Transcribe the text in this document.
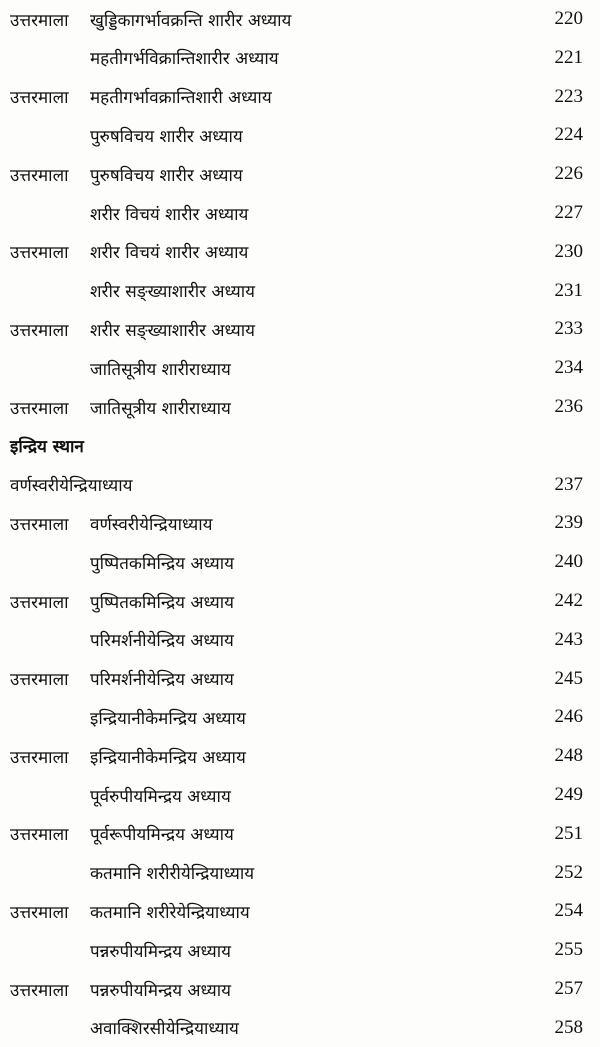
उत्तरमाला खुड्डिकागर्भावक्रन्ति शारीर अध्याय	220
महतीगर्भविक्रान्तिशारीर अध्याय	221
उत्तरमाला महतीगर्भावक्रान्तिशारी अध्याय	223
पुरुषविचय शारीर अध्याय	224
उत्तरमाला पुरुषविचय शारीर अध्याय	226
शरीर विचयं शारीर अध्याय	227
उत्तरमाला शरीर विचयं शारीर अध्याय	230
शरीर सङ्ख्याशारीर अध्याय	231
उत्तरमाला शरीर सङ्ख्याशारीर अध्याय	233
जातिसूत्रीय शारीराध्याय	234
उत्तरमाला जातिसूत्रीय शारीराध्याय	236
इन्द्रिय स्थान
वर्णस्वरीयेन्द्रियाध्याय	237
उत्तरमाला वर्णस्वरीयेन्द्रियाध्याय	239
पुष्पितकमिन्द्रिय अध्याय	240
उत्तरमाला पुष्पितकमिन्द्रिय अध्याय	242
परिमर्शनीयेन्द्रिय अध्याय	243
उत्तरमाला परिमर्शनीयेन्द्रिय अध्याय	245
इन्द्रियानीकेमन्द्रिय अध्याय	246
उत्तरमाला इन्द्रियानीकेमन्द्रिय अध्याय	248
पूर्वरुपीयमिन्द्रय अध्याय	249
उत्तरमाला पूर्वरूपीयमिन्द्रय अध्याय	251
कतमानि शरीरीयेन्द्रियाध्याय	252
उत्तरमाला कतमानि शरीरेयेन्द्रियाध्याय	254
पन्नरुपीयमिन्द्रय अध्याय	255
उत्तरमाला पन्नरुपीयमिन्द्रय अध्याय	257
अवाक्शिरसीयेन्द्रियाध्याय	258
